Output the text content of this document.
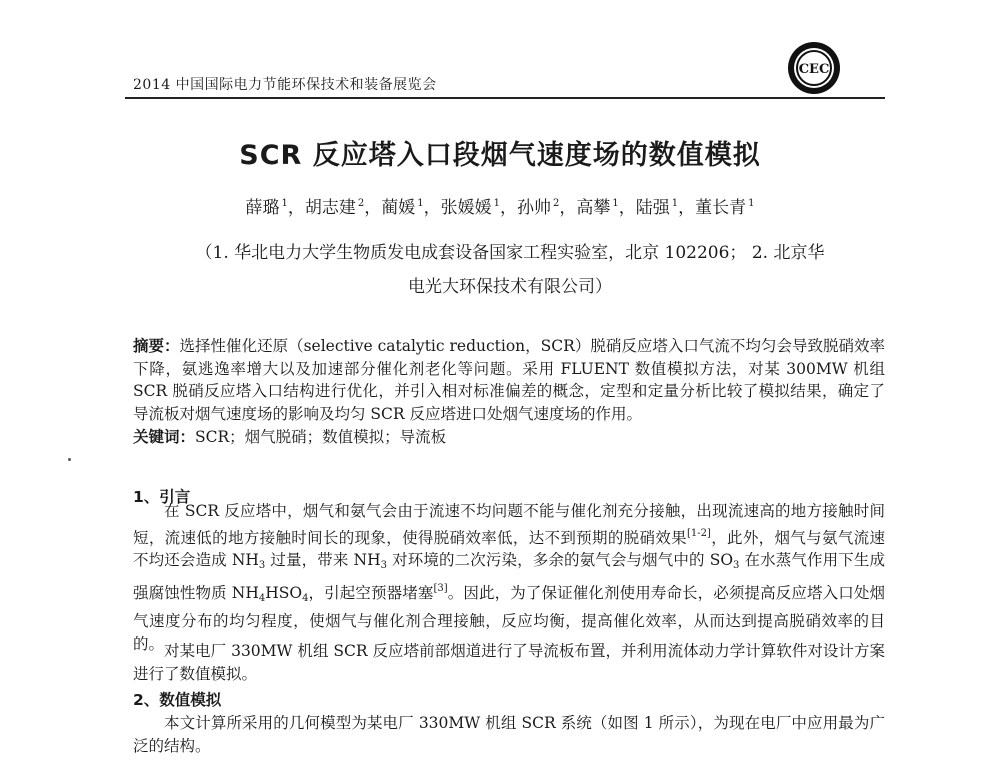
2014 中国国际电力节能环保技术和装备展览会
CEC
SCR 反应塔入口段烟气速度场的数值模拟
薛璐 $^1$，胡志建 $^2$，蔺媛 $^1$，张媛媛 $^1$，孙帅 $^2$，高攀 $^1$，陆强 $^1$，董长青 $^1$
（1. 华北电力大学生物质发电成套设备国家工程实验室，北京 102206； 2. 北京华
电光大环保技术有限公司）
摘要：选择性催化还原（selective catalytic reduction，SCR）脱硝反应塔入口气流不均匀会导致脱硝效率下降，氨逃逸率增大以及加速部分催化剂老化等问题。采用 FLUENT 数值模拟方法，对某 300MW 机组 SCR 脱硝反应塔入口结构进行优化，并引入相对标准偏差的概念，定型和定量分析比较了模拟结果，确定了导流板对烟气速度场的影响及均匀 SCR 反应塔进口处烟气速度场的作用。
关键词：SCR；烟气脱硝；数值模拟；导流板
1、引言
在 SCR 反应塔中，烟气和氨气会由于流速不均问题不能与催化剂充分接触，出现流速高的地方接触时间短，流速低的地方接触时间长的现象，使得脱硝效率低，达不到预期的脱硝效果[1-2]，此外，烟气与氨气流速不均还会造成 $NH_3$ 过量，带来 $NH_3$ 对环境的二次污染，多余的氨气会与烟气中的 $SO_3$ 在水蒸气作用下生成强腐蚀性物质 $NH_4HSO_4$，引起空预器堵塞[3]。因此，为了保证催化剂使用寿命长，必须提高反应塔入口处烟气速度分布的均匀程度，使烟气与催化剂合理接触，反应均衡，提高催化效率，从而达到提高脱硝效率的目的。 对某电厂 330MW 机组 SCR 反应塔前部烟道进行了导流板布置，并利用流体动力学计算软件对设计方案进行了数值模拟。
2、数值模拟
本文计算所采用的几何模型为某电厂 330MW 机组 SCR 系统（如图 1 所示），为现在电厂中应用最为广泛的结构。
